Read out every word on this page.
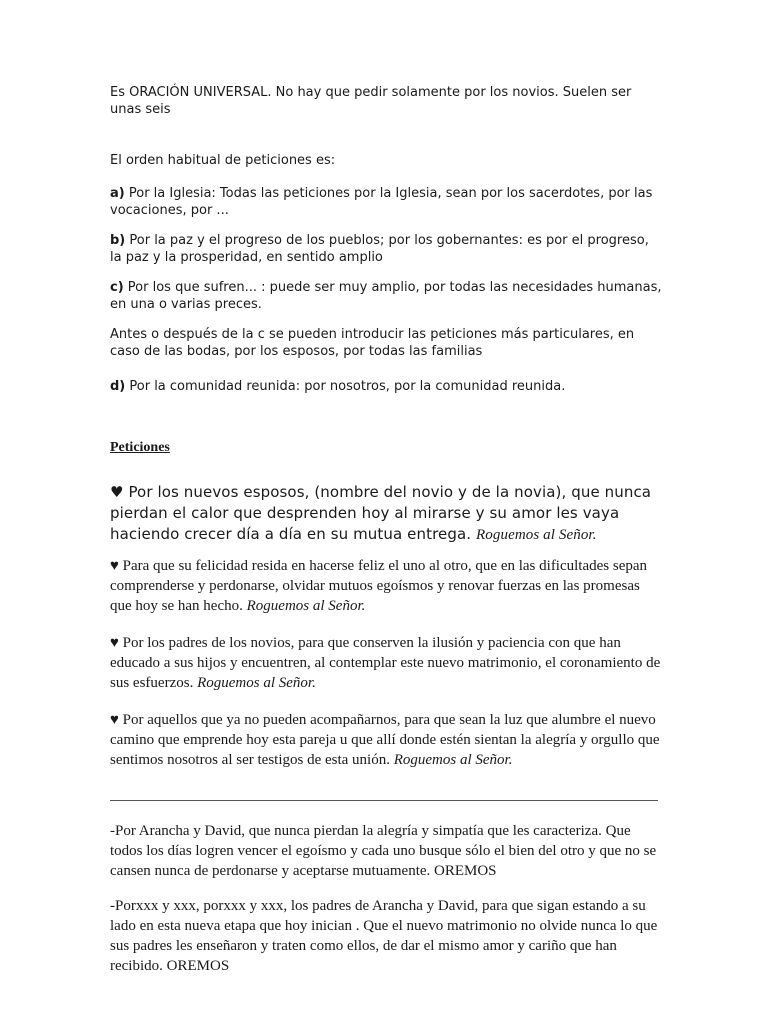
Es ORACIÓN UNIVERSAL. No hay que pedir solamente por los novios. Suelen ser unas seis

El orden habitual de peticiones es:

a) Por la Iglesia: Todas las peticiones por la Iglesia, sean por los sacerdotes, por las vocaciones, por ...

b) Por la paz y el progreso de los pueblos; por los gobernantes: es por el progreso, la paz y la prosperidad, en sentido amplio

c) Por los que sufren... : puede ser muy amplio, por todas las necesidades humanas, en una o varias preces.

Antes o después de la c se pueden introducir las peticiones más particulares, en caso de las bodas, por los esposos, por todas las familias

d) Por la comunidad reunida: por nosotros, por la comunidad reunida.

Peticiones

♥ Por los nuevos esposos, (nombre del novio y de la novia), que nunca pierdan el calor que desprenden hoy al mirarse y su amor les vaya haciendo crecer día a día en su mutua entrega. Roguemos al Señor.

♥ Para que su felicidad resida en hacerse feliz el uno al otro, que en las dificultades sepan comprenderse y perdonarse, olvidar mutuos egoísmos y renovar fuerzas en las promesas que hoy se han hecho. Roguemos al Señor.

♥ Por los padres de los novios, para que conserven la ilusión y paciencia con que han educado a sus hijos y encuentren, al contemplar este nuevo matrimonio, el coronamiento de sus esfuerzos. Roguemos al Señor.

♥ Por aquellos que ya no pueden acompañarnos, para que sean la luz que alumbre el nuevo camino que emprende hoy esta pareja u que allí donde estén sientan la alegría y orgullo que sentimos nosotros al ser testigos de esta unión. Roguemos al Señor.

-Por Arancha y David, que nunca pierdan la alegría y simpatía que les caracteriza. Que todos los días logren vencer el egoísmo y cada uno busque sólo el bien del otro y que no se cansen nunca de perdonarse y aceptarse mutuamente. OREMOS

-Porxxx y xxx, porxxx y xxx, los padres de Arancha y David, para que sigan estando a su lado en esta nueva etapa que hoy inician . Que el nuevo matrimonio no olvide nunca lo que sus padres les enseñaron y traten como ellos, de dar el mismo amor y cariño que han recibido. OREMOS
